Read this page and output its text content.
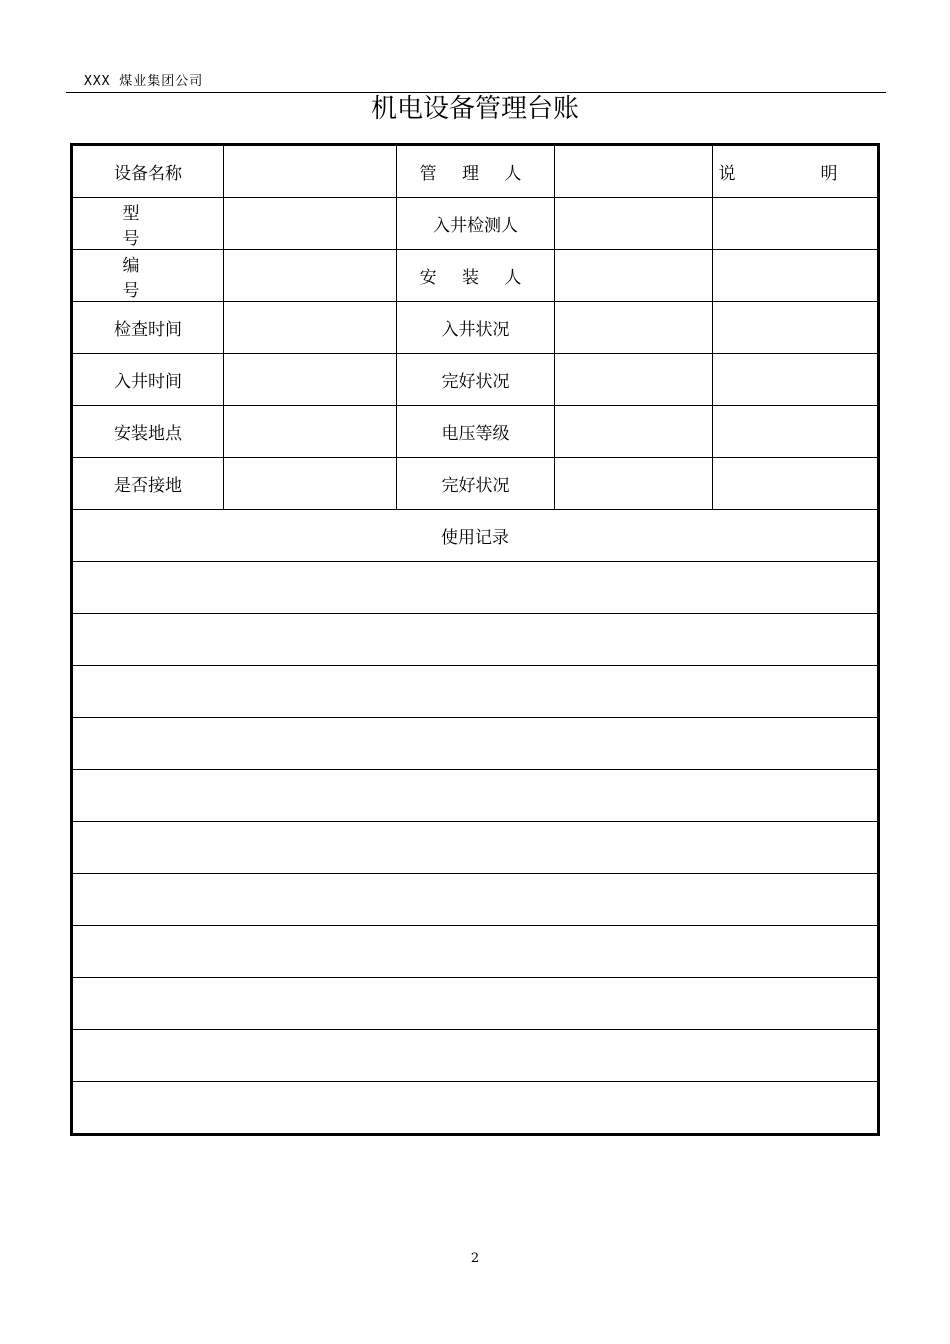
XXX 煤业集团公司
机电设备管理台账
设备名称		管 理 人		说　明
型　号		入井检测人		
编　号		安 装 人		
检查时间		入井状况		
入井时间		完好状况		
安装地点		电压等级		
是否接地		完好状况		
使用记录				

2
